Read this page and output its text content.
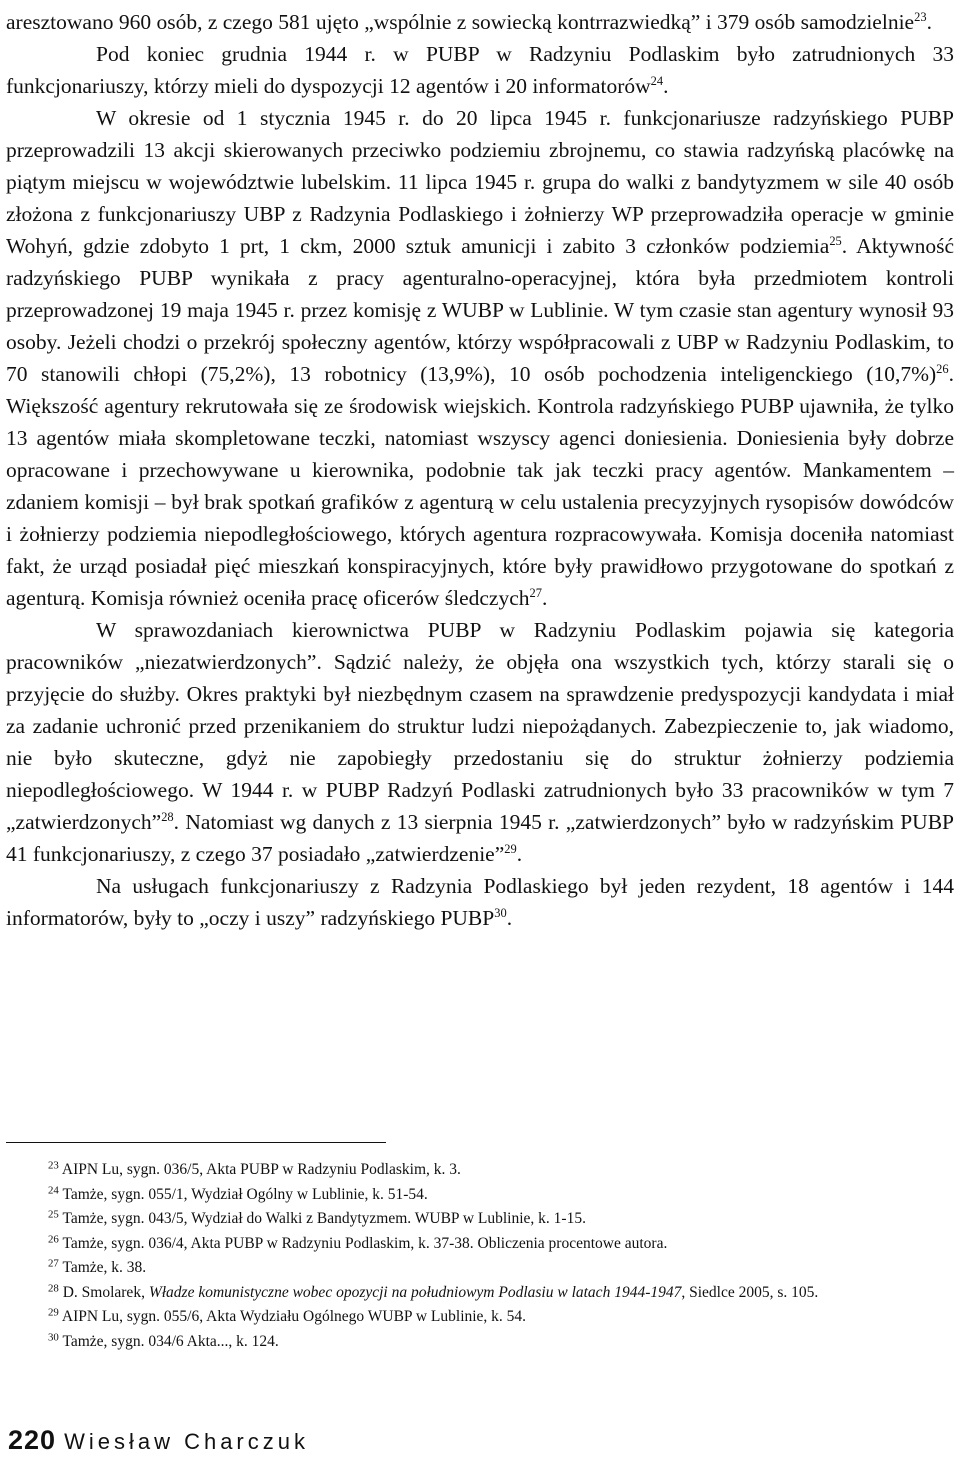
aresztowano 960 osób, z czego 581 ujęto „wspólnie z sowiecką kontrrazwiedką” i 379 osób samodzielnie$^{23}$.

Pod koniec grudnia 1944 r. w PUBP w Radzyniu Podlaskim było zatrudnionych 33 funkcjonariuszy, którzy mieli do dyspozycji 12 agentów i 20 informatorów$^{24}$.

W okresie od 1 stycznia 1945 r. do 20 lipca 1945 r. funkcjonariusze radzyńskiego PUBP przeprowadzili 13 akcji skierowanych przeciwko podziemiu zbrojnemu, co stawia radzyńską placówkę na piątym miejscu w województwie lubelskim. 11 lipca 1945 r. grupa do walki z bandytyzmem w sile 40 osób złożona z funkcjonariuszy UBP z Radzynia Podlaskiego i żołnierzy WP przeprowadziła operacje w gminie Wohyń, gdzie zdobyto 1 prt, 1 ckm, 2000 sztuk amunicji i zabito 3 członków podziemia$^{25}$. Aktywność radzyńskiego PUBP wynikała z pracy agenturalno-operacyjnej, która była przedmiotem kontroli przeprowadzonej 19 maja 1945 r. przez komisję z WUBP w Lublinie. W tym czasie stan agentury wynosił 93 osoby. Jeżeli chodzi o przekrój społeczny agentów, którzy współpracowali z UBP w Radzyniu Podlaskim, to 70 stanowili chłopi (75,2%), 13 robotnicy (13,9%), 10 osób pochodzenia inteligenckiego $(10,7\%)^{26}$. Większość agentury rekrutowała się ze środowisk wiejskich. Kontrola radzyńskiego PUBP ujawniła, że tylko 13 agentów miała skompletowane teczki, natomiast wszyscy agenci doniesienia. Doniesienia były dobrze opracowane i przechowywane u kierownika, podobnie tak jak teczki pracy agentów. Mankamentem – zdaniem komisji – był brak spotkań grafików z agenturą w celu ustalenia precyzyjnych rysopisów dowódców i żołnierzy podziemia niepodległościowego, których agentura rozpracowywała. Komisja doceniła natomiast fakt, że urząd posiadał pięć mieszkań konspiracyjnych, które były prawidłowo przygotowane do spotkań z agenturą. Komisja również oceniła pracę oficerów śledczych$^{27}$.

W sprawozdaniach kierownictwa PUBP w Radzyniu Podlaskim pojawia się kategoria pracowników „niezatwierdzonych”. Sądzić należy, że objęła ona wszystkich tych, którzy starali się o przyjęcie do służby. Okres praktyki był niezbędnym czasem na sprawdzenie predyspozycji kandydata i miał za zadanie uchronić przed przenikaniem do struktur ludzi niepożądanych. Zabezpieczenie to, jak wiadomo, nie było skuteczne, gdyż nie zapobiegły przedostaniu się do struktur żołnierzy podziemia niepodległościowego. W 1944 r. w PUBP Radzyń Podlaski zatrudnionych było 33 pracowników w tym 7 „zatwierdzonych”$^{28}$. Natomiast wg danych z 13 sierpnia 1945 r. „zatwierdzonych” było w radzyńskim PUBP 41 funkcjonariuszy, z czego 37 posiadało „zatwierdzenie”$^{29}$.

Na usługach funkcjonariuszy z Radzynia Podlaskiego był jeden rezydent, 18 agentów i 144 informatorów, były to „oczy i uszy” radzyńskiego PUBP$^{30}$.

$^{23}$ AIPN Lu, sygn. 036/5, Akta PUBP w Radzyniu Podlaskim, k. 3.

$^{24}$ Tamże, sygn. 055/1, Wydział Ogólny w Lublinie, k. 51-54.

$^{25}$ Tamże, sygn. 043/5, Wydział do Walki z Bandytyzmem. WUBP w Lublinie, k. 1-15.

$^{26}$ Tamże, sygn. 036/4, Akta PUBP w Radzyniu Podlaskim, k. 37-38. Obliczenia procentowe autora.

$^{27}$ Tamże, k. 38.

$^{28}$ D. Smolarek, Władze komunistyczne wobec opozycji na południowym Podlasiu w latach 1944-1947, Siedlce 2005, s. 105.

$^{29}$ AIPN Lu, sygn. 055/6, Akta Wydziału Ogólnego WUBP w Lublinie, k. 54.

$^{30}$ Tamże, sygn. 034/6 Akta..., k. 124.

220 Wiesław Charczuk
